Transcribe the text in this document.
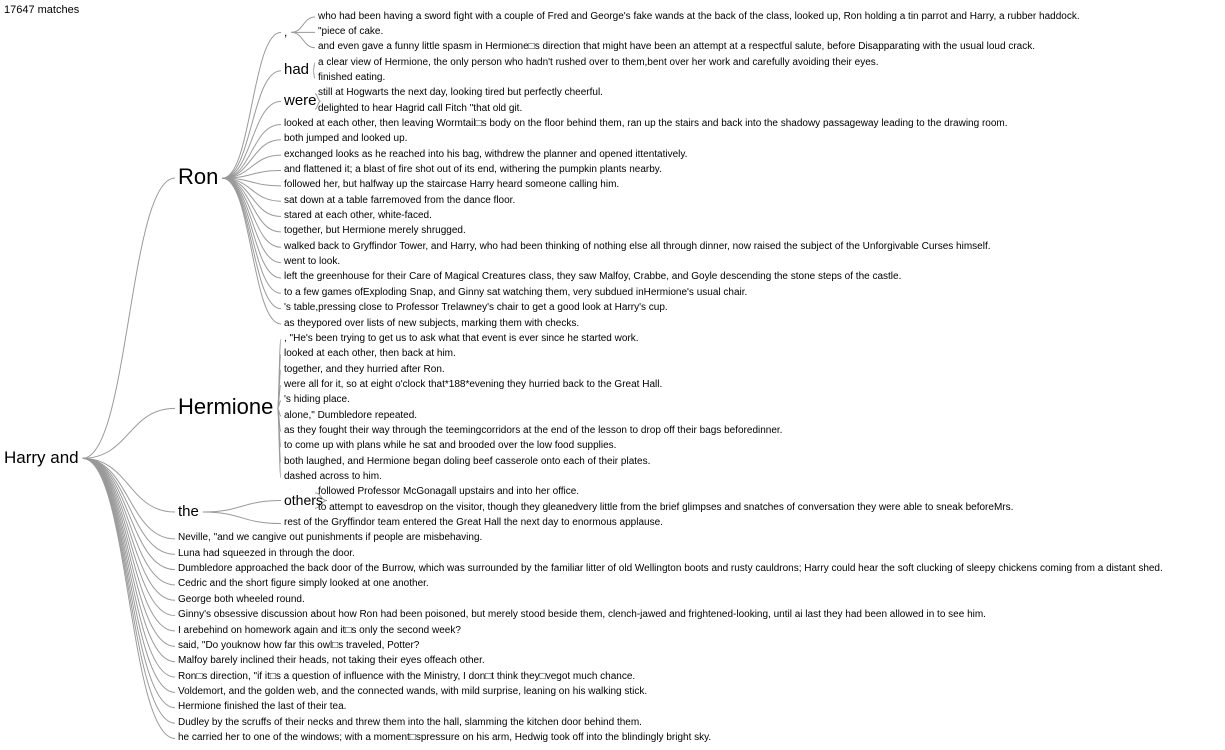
17647 matches
Harry and
Ron
,
who had been having a sword fight with a couple of Fred and George's fake wands at the back of the class, looked up, Ron holding a tin parrot and Harry, a rubber haddock.
"piece of cake.
and even gave a funny little spasm in Hermione□s direction that might have been an attempt at a respectful salute, before Disapparating with the usual loud crack.
had a clear view of Hermione, the only person who hadn't rushed over to them,bent over her work and carefully avoiding their eyes.
finished eating.
were still at Hogwarts the next day, looking tired but perfectly cheerful.
delighted to hear Hagrid call Fitch "that old git.
looked at each other, then leaving Wormtail□s body on the floor behind them, ran up the stairs and back into the shadowy passageway leading to the drawing room.
both jumped and looked up.
exchanged looks as he reached into his bag, withdrew the planner and opened ittentatively.
and flattened it; a blast of fire shot out of its end, withering the pumpkin plants nearby.
followed her, but halfway up the staircase Harry heard someone calling him.
sat down at a table farremoved from the dance floor.
stared at each other, white-faced.
together, but Hermione merely shrugged.
walked back to Gryffindor Tower, and Harry, who had been thinking of nothing else all through dinner, now raised the subject of the Unforgivable Curses himself.
went to look.
left the greenhouse for their Care of Magical Creatures class, they saw Malfoy, Crabbe, and Goyle descending the stone steps of the castle.
to a few games ofExploding Snap, and Ginny sat watching them, very subdued inHermione's usual chair.
's table,pressing close to Professor Trelawney's chair to get a good look at Harry's cup.
as theypored over lists of new subjects, marking them with checks.
Hermione
, "He's been trying to get us to ask what that event is ever since he started work.
looked at each other, then back at him.
together, and they hurried after Ron.
were all for it, so at eight o'clock that*188*evening they hurried back to the Great Hall.
's hiding place.
alone," Dumbledore repeated.
as they fought their way through the teemingcorridors at the end of the lesson to drop off their bags beforedinner.
to come up with plans while he sat and brooded over the low food supplies.
both laughed, and Hermione began doling beef casserole onto each of their plates.
dashed across to him.
the
others
followed Professor McGonagall upstairs and into her office.
to attempt to eavesdrop on the visitor, though they gleanedvery little from the brief glimpses and snatches of conversation they were able to sneak beforeMrs.
rest of the Gryffindor team entered the Great Hall the next day to enormous applause.
Neville, "and we cangive out punishments if people are misbehaving.
Luna had squeezed in through the door.
Dumbledore approached the back door of the Burrow, which was surrounded by the familiar litter of old Wellington boots and rusty cauldrons; Harry could hear the soft clucking of sleepy chickens coming from a distant shed.
Cedric and the short figure simply looked at one another.
George both wheeled round.
Ginny's obsessive discussion about how Ron had been poisoned, but merely stood beside them, clench-jawed and frightened-looking, until ai last they had been allowed in to see him.
I arebehind on homework again and it□s only the second week?
said, "Do youknow how far this owl□s traveled, Potter?
Malfoy barely inclined their heads, not taking their eyes offeach other.
Ron□s direction, "if it□s a question of influence with the Ministry, I don□t think they□vegot much chance.
Voldemort, and the golden web, and the connected wands, with mild surprise, leaning on his walking stick.
Hermione finished the last of their tea.
Dudley by the scruffs of their necks and threw them into the hall, slamming the kitchen door behind them.
he carried her to one of the windows; with a moment□spressure on his arm, Hedwig took off into the blindingly bright sky.
